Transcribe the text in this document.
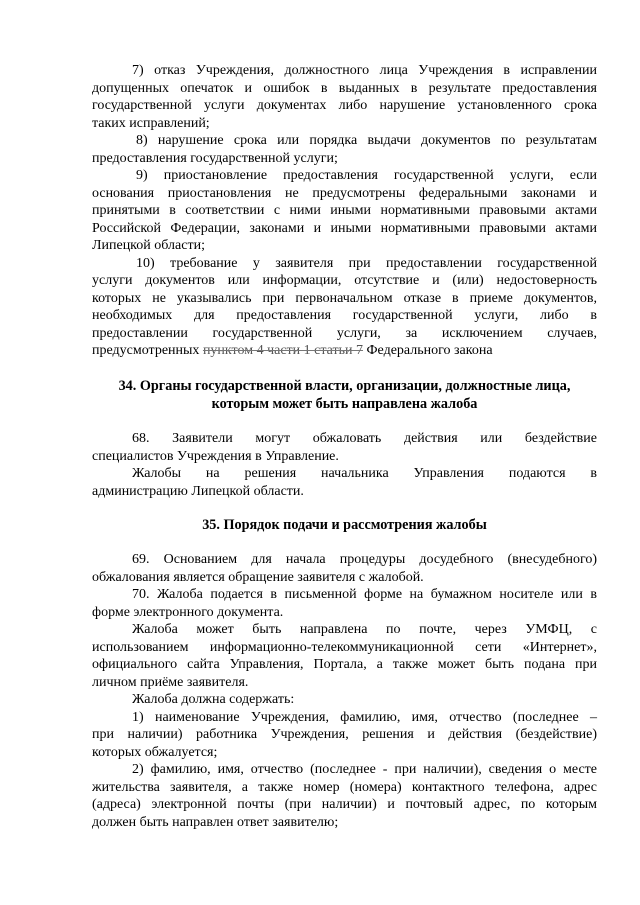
7) отказ Учреждения, должностного лица Учреждения в исправлении
допущенных опечаток и ошибок в выданных в результате предоставления
государственной услуги документах либо нарушение установленного срока
таких исправлений;
8) нарушение срока или порядка выдачи документов по результатам
предоставления государственной услуги;
9) приостановление предоставления государственной услуги, если
основания приостановления не предусмотрены федеральными законами и
принятыми в соответствии с ними иными нормативными правовыми актами
Российской Федерации, законами и иными нормативными правовыми актами
Липецкой области;
10) требование у заявителя при предоставлении государственной
услуги документов или информации, отсутствие и (или) недостоверность
которых не указывались при первоначальном отказе в приеме документов,
необходимых для предоставления государственной услуги, либо в
предоставлении государственной услуги, за исключением случаев,
предусмотренных пунктом 4 части 1 статьи 7 Федерального закона
34. Органы государственной власти, организации, должностные лица,
которым может быть направлена жалоба
68. Заявители могут обжаловать действия или бездействие
специалистов Учреждения в Управление.
Жалобы на решения начальника Управления подаются в
администрацию Липецкой области.
35. Порядок подачи и рассмотрения жалобы
69. Основанием для начала процедуры досудебного (внесудебного)
обжалования является обращение заявителя с жалобой.
70. Жалоба подается в письменной форме на бумажном носителе или в
форме электронного документа.
Жалоба может быть направлена по почте, через УМФЦ, с
использованием информационно-телекоммуникационной сети «Интернет»,
официального сайта Управления, Портала, а также может быть подана при
личном приёме заявителя.
Жалоба должна содержать:
1) наименование Учреждения, фамилию, имя, отчество (последнее –
при наличии) работника Учреждения, решения и действия (бездействие)
которых обжалуется;
2) фамилию, имя, отчество (последнее - при наличии), сведения о месте
жительства заявителя, а также номер (номера) контактного телефона, адрес
(адреса) электронной почты (при наличии) и почтовый адрес, по которым
должен быть направлен ответ заявителю;
